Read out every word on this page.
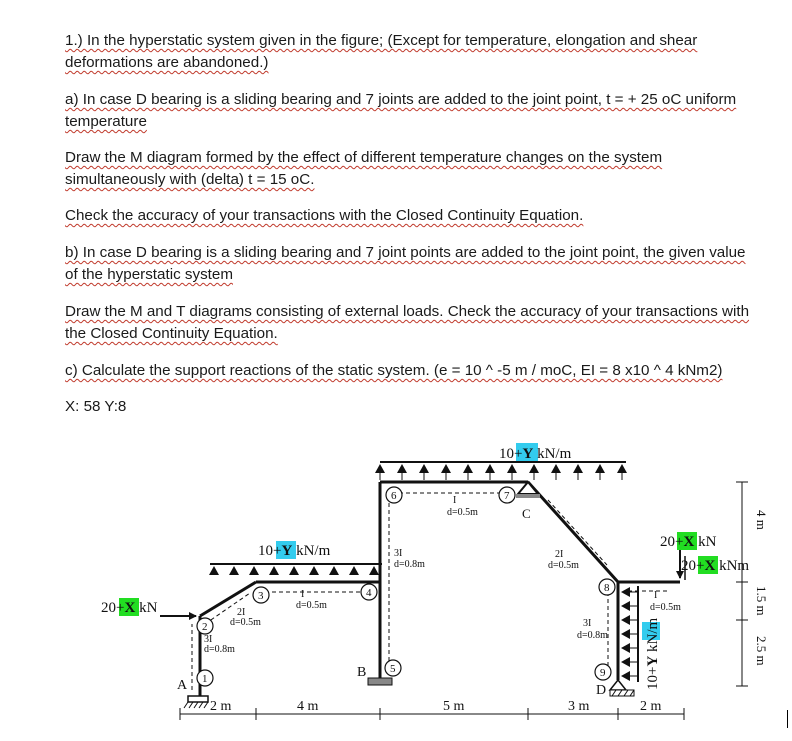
1.) In the hyperstatic system given in the figure; (Except for temperature, elongation and shear
deformations are abandoned.)
a) In case D bearing is a sliding bearing and 7 joints are added to the joint point, t = + 25 oC uniform
temperature
Draw the M diagram formed by the effect of different temperature changes on the system
simultaneously with (delta) t = 15 oC.
Check the accuracy of your transactions with the Closed Continuity Equation.
b) In case D bearing is a sliding bearing and 7 joint points are added to the joint point, the given value
of the hyperstatic system
Draw the M and T diagrams consisting of external loads. Check the accuracy of your transactions with
the Closed Continuity Equation.
c) Calculate the support reactions of the static system. (e = 10 ^ -5 m / moC, EI = 8 x10 ^ 4 kNm2)
X: 58 Y:8
10+Y kN/m
10+Y kN/m
10+Y kN/m
20+X kN
20+X kN
20+X kNm
A
B
C
D
1
2
3	4
5
6	7
8
9
3I
d=0.8m
2I
d=0.5m
I
d=0.5m
3I
d=0.8m
I
d=0.5m
2I
d=0.5m
3I
d=0.8m
I
d=0.5m
2 m	4 m	5 m	3 m	2 m
4 m
1.5 m
2.5 m
